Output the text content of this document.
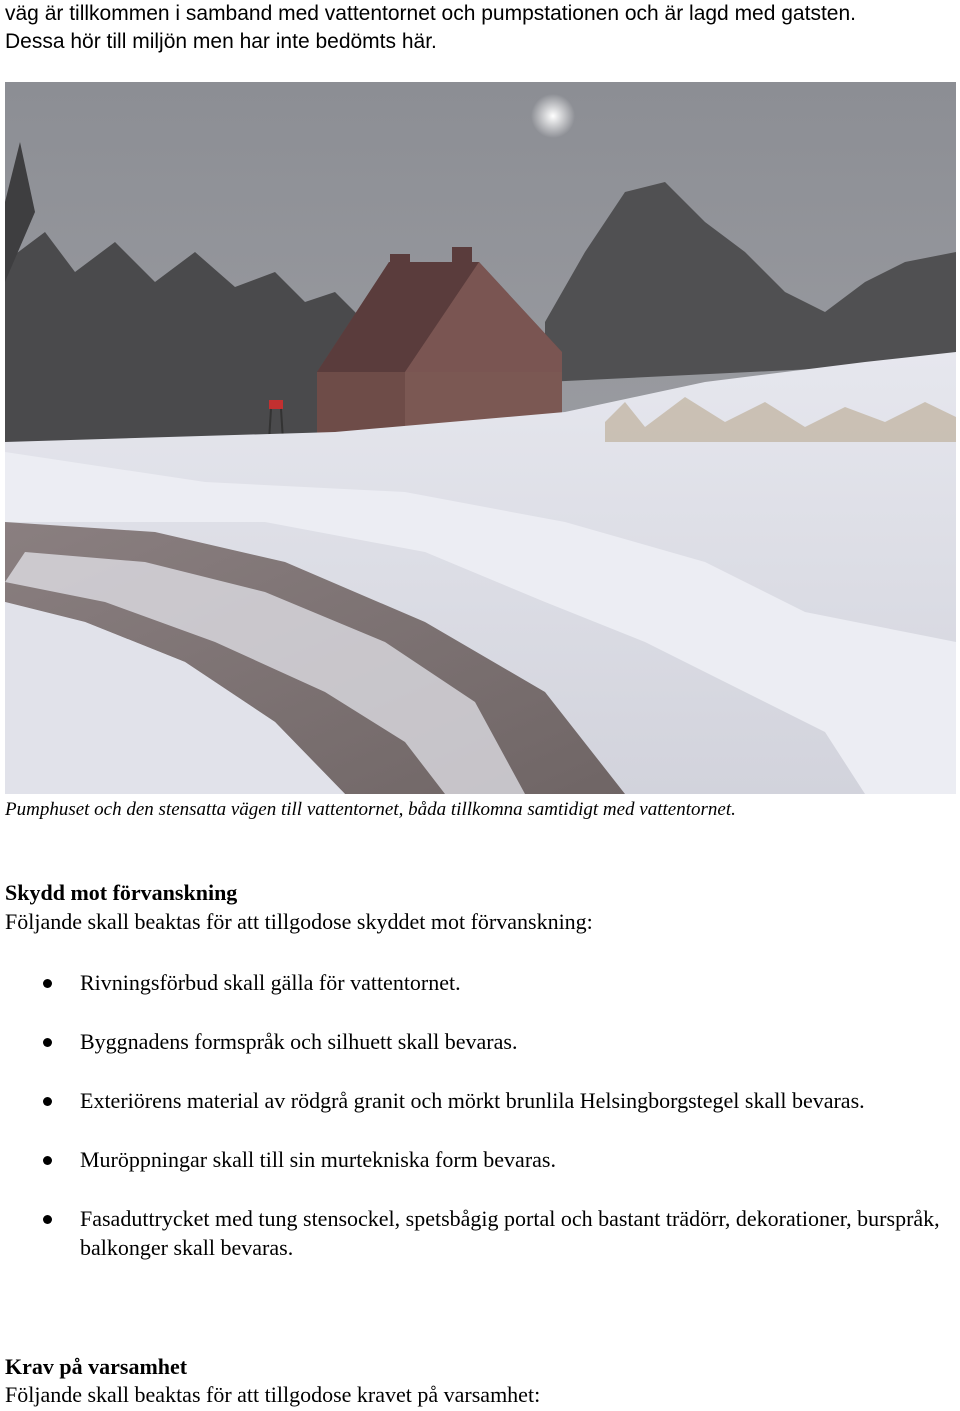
väg är tillkommen i samband med vattentornet och pumpstationen och är lagd med gatsten.
Dessa hör till miljön men har inte bedömts här.
Pumphuset och den stensatta vägen till vattentornet, båda tillkomna samtidigt med vattentornet.
Skydd mot förvanskning
Följande skall beaktas för att tillgodose skyddet mot förvanskning:
Rivningsförbud skall gälla för vattentornet.
Byggnadens formspråk och silhuett skall bevaras.
Exteriörens material av rödgrå granit och mörkt brunlila Helsingborgstegel skall bevaras.
Muröppningar skall till sin murtekniska form bevaras.
Fasaduttrycket med tung stensockel, spetsbågig portal och bastant trädörr, dekorationer, burspråk, balkonger skall bevaras.
Krav på varsamhet
Följande skall beaktas för att tillgodose kravet på varsamhet:
